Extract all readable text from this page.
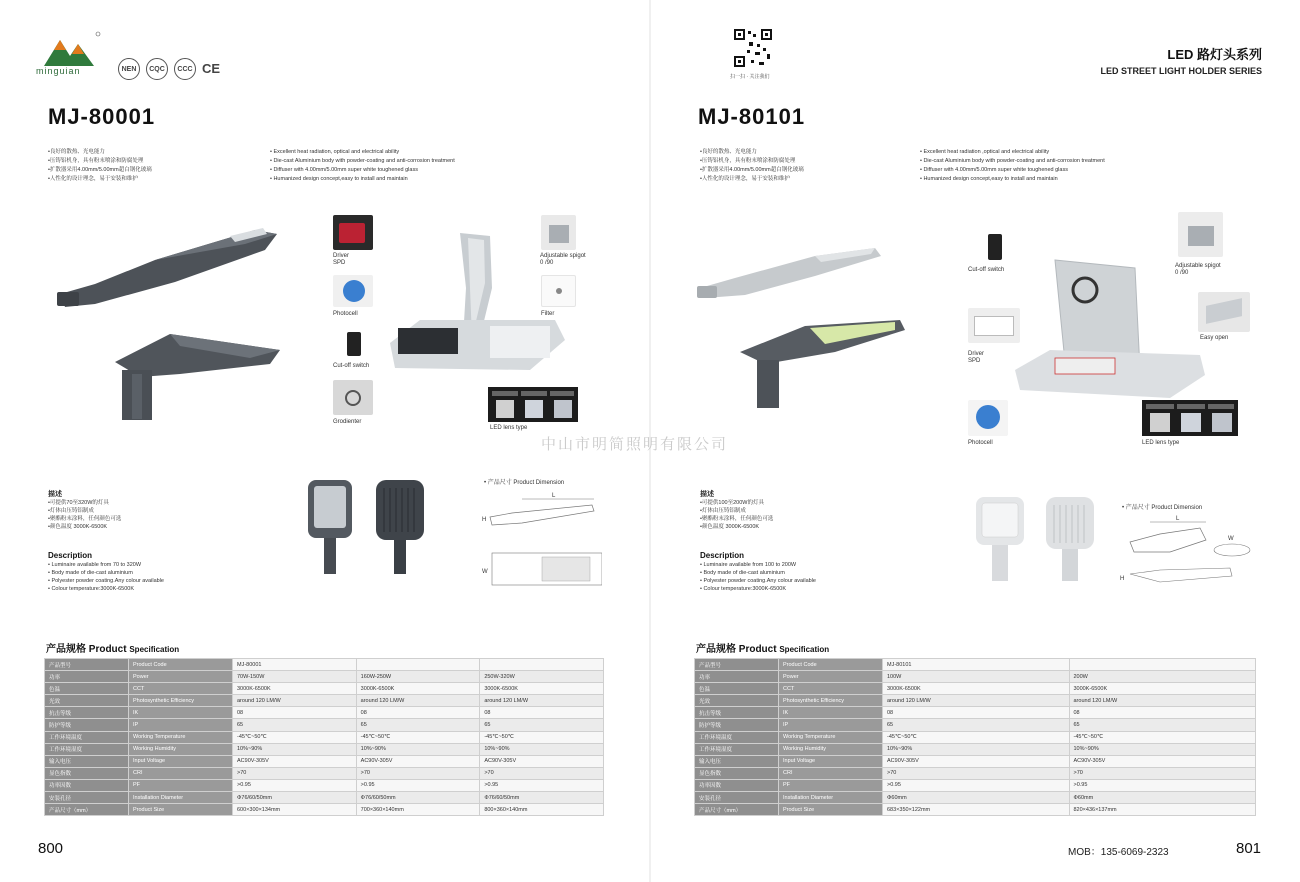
minguian	NEN	CQC	CCC CE
MJ-80001
•良好的散热、光电能力
•压铸铝机身，具有粉末喷涂和防腐处理
•扩散器采用4.00mm/5.00mm超白钢化玻璃
•人性化的设计理念，易于安装和维护
• Excellent heat radiation, optical and electrical ability
• Die-cast Aluminium body with powder-coating and anti-corrosion treatment
• Diffuser with 4.00mm/5.00mm super white toughened glass
• Humanized design concept,easy to install and maintain
Driver
SPD
Photocell
Cut-off switch
Grodienter
Adjustable spigot
0 /90
Filter
LED lens type
描述
•可提供70至320W的灯具
•灯体由压铸铝制成
•聚酯粉末涂料，任何颜色可选
•颜色温度 3000K-6500K
Description
• Luminaire available from 70 to 320W
• Body made of die-cast aluminium
• Polyester powder coating.Any colour available
• Colour temperature:3000K-6500K
• 产品尺寸 Product Dimension
L
H
W
产品规格 Product Specification
产品型号	Product Code	MJ-80001		
功率	Power	70W-150W	160W-250W	250W-320W
色温	CCT	3000K-6500K	3000K-6500K	3000K-6500K
光效	Photosynthetic Efficiency	around 120 LM/W	around 120 LM/W	around 120 LM/W
抗击等级	IK	08	08	08
防护等级	IP	65	65	65
工作环境温度	Working Temperature	-45℃~50℃	-45℃~50℃	-45℃~50℃
工作环境湿度	Working Humidity	10%~90%	10%~90%	10%~90%
输入电压	Input Voltage	AC90V-305V	AC90V-305V	AC90V-305V
显色指数	CRI	>70	>70	>70
功率因数	PF	>0.95	>0.95	>0.95
安装孔径	Installation Diameter	Φ76/60/50mm	Φ76/60/50mm	Φ76/60/50mm
产品尺寸（mm）	Product Size	600×300×134mm	700×360×140mm	800×360×140mm
800
中山市明简照明有限公司
扫一扫 · 关注我们
LED 路灯头系列
LED STREET LIGHT HOLDER SERIES
MJ-80101
•良好的散热、光电能力
•压铸铝机身，具有粉末喷涂和防腐处理
•扩散器采用4.00mm/5.00mm超白钢化玻璃
•人性化的设计理念，易于安装和维护
• Excellent heat radiation ,optical and electrical ability
• Die-cast Aluminium body with powder-coating and anti-corrosion treatment
• Diffuser with 4.00mm/5.00mm super white toughened glass
• Humanized design concept,easy to install and maintain
Cut-off switch
Driver
SPD
Photocell
Adjustable spigot
0 /90
Easy open
LED lens type
描述
•可提供100至200W的灯具
•灯体由压铸铝制成
•聚酯粉末涂料，任何颜色可选
•颜色温度 3000K-6500K
Description
• Luminaire available from 100 to 200W
• Body made of die-cast aluminium
• Polyester powder coating.Any colour available
• Colour temperature:3000K-6500K
• 产品尺寸 Product Dimension
L
W
H
产品规格 Product Specification
产品型号	Product Code	MJ-80101	
功率	Power	100W	200W
色温	CCT	3000K-6500K	3000K-6500K
光效	Photosynthetic Efficiency	around 120 LM/W	around 120 LM/W
抗击等级	IK	08	08
防护等级	IP	65	65
工作环境温度	Working Temperature	-45℃~50℃	-45℃~50℃
工作环境湿度	Working Humidity	10%~90%	10%~90%
输入电压	Input Voltage	AC90V-305V	AC90V-305V
显色指数	CRI	>70	>70
功率因数	PF	>0.95	>0.95
安装孔径	Installation Diameter	Φ60mm	Φ60mm
产品尺寸（mm）	Product Size	683×350×122mm	820×436×137mm
MOB：135-6069-2323	801
